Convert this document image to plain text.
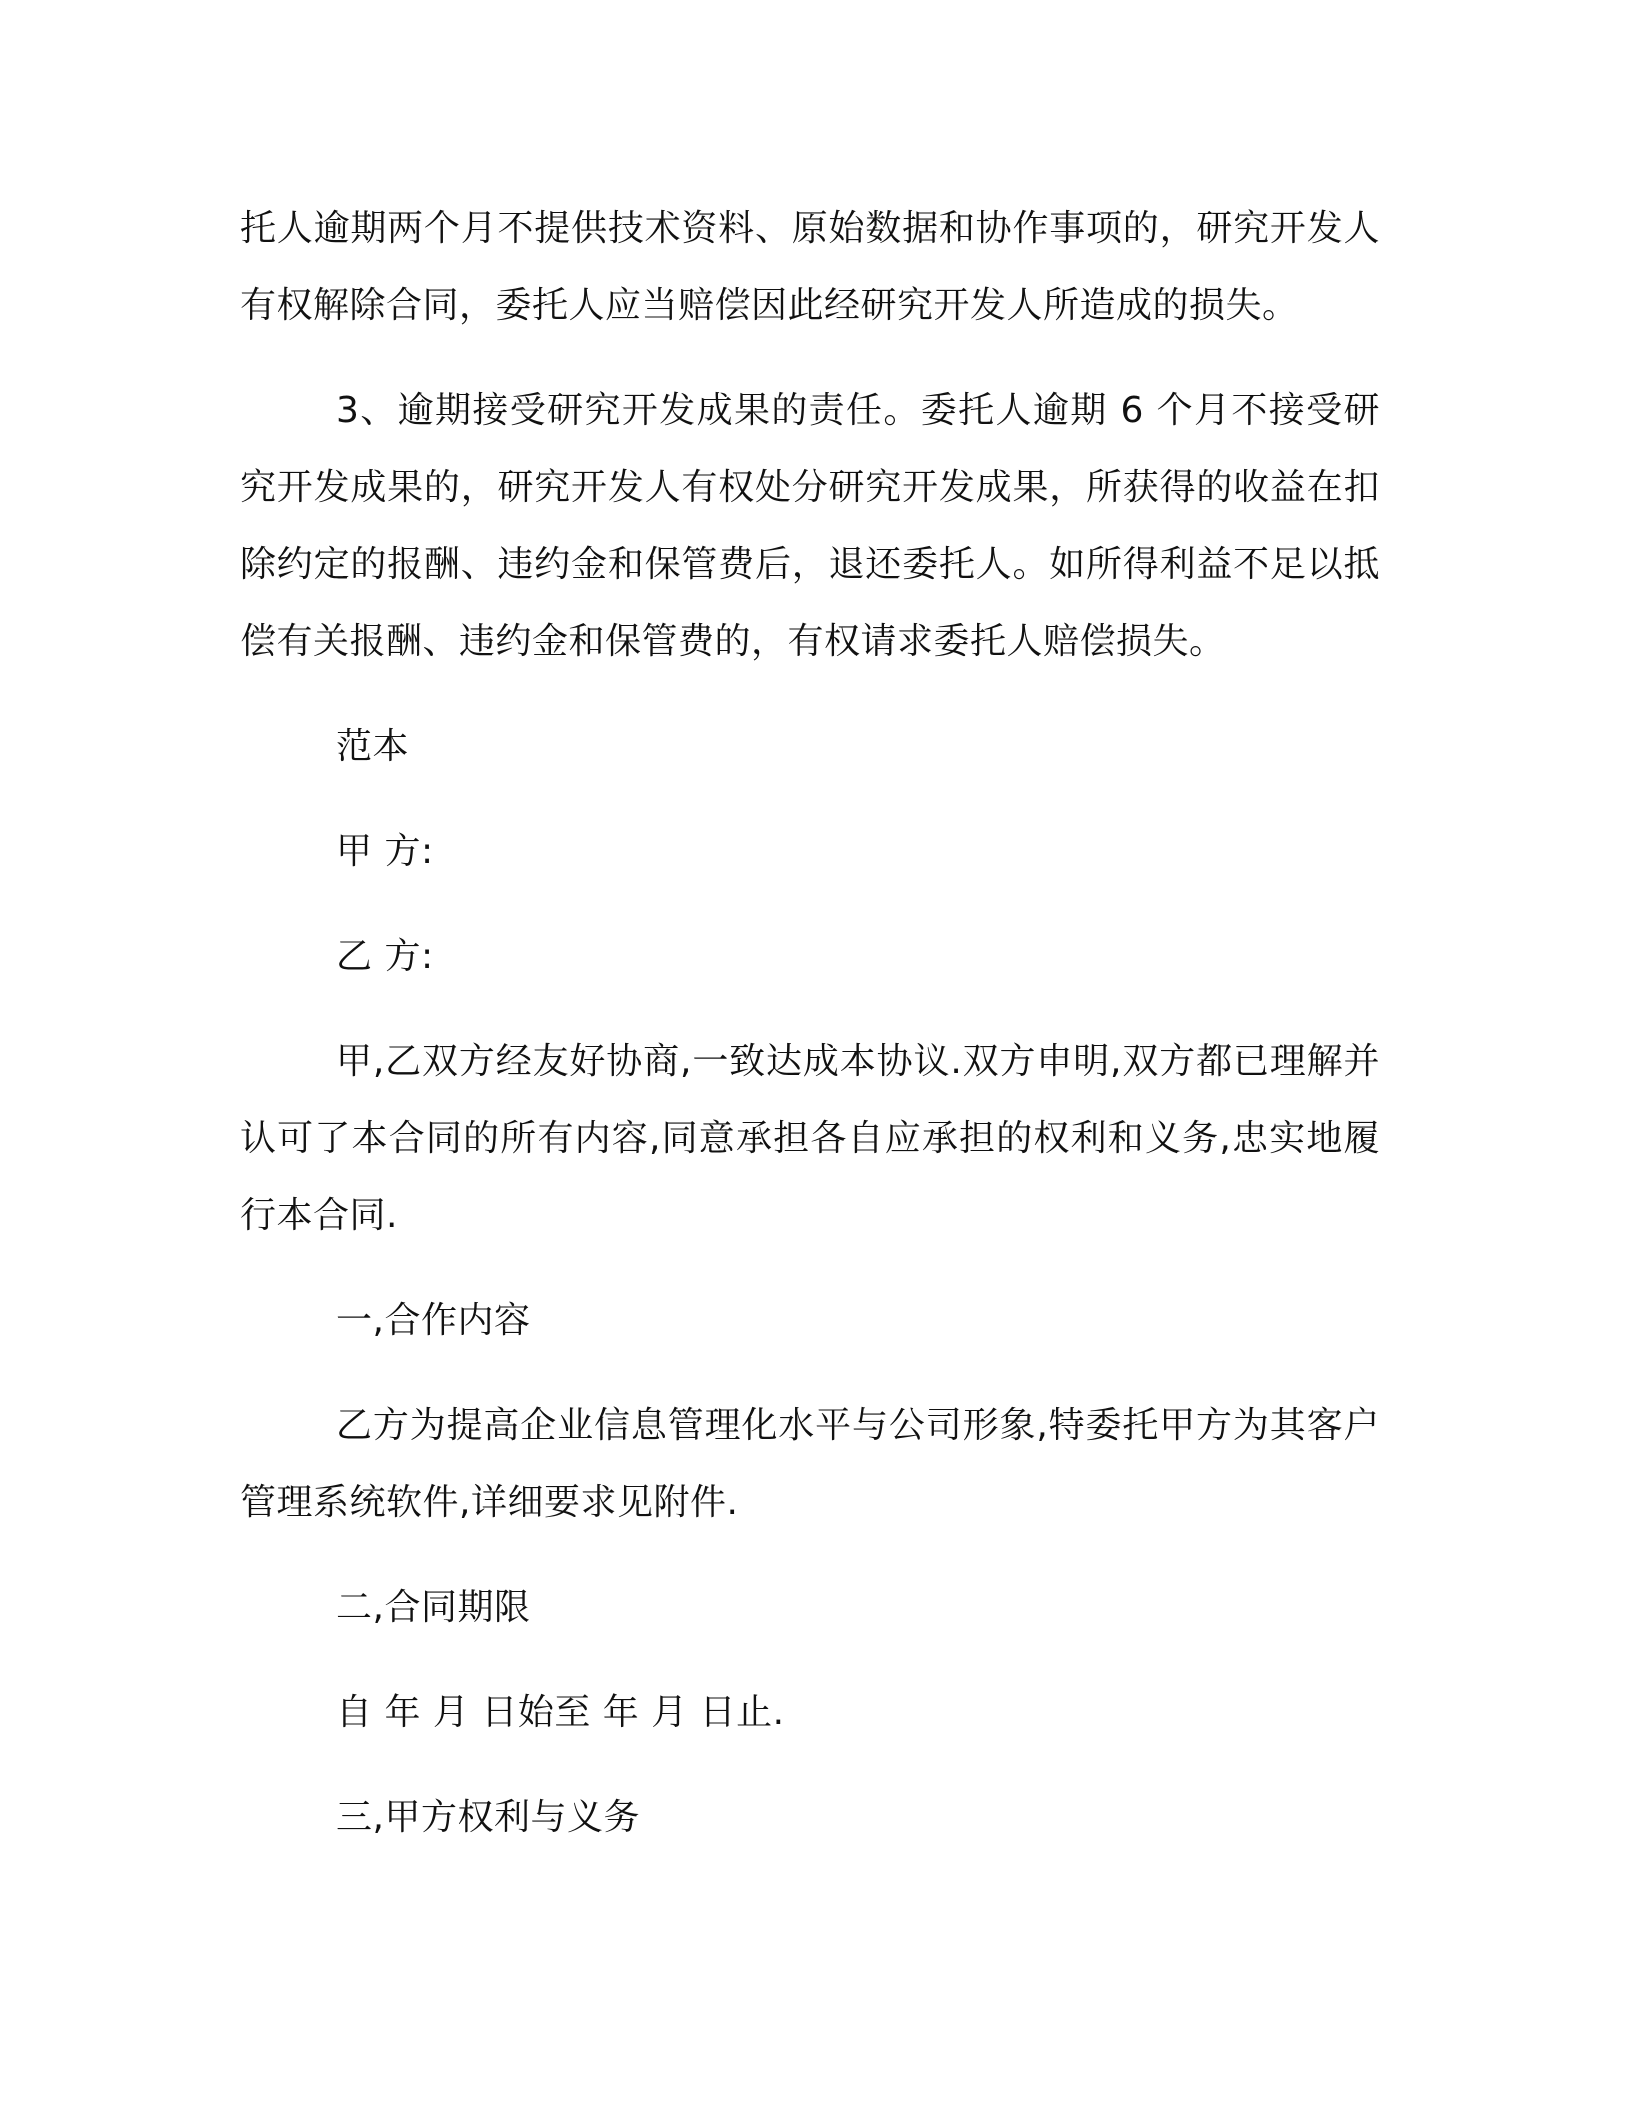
托人逾期两个月不提供技术资料、原始数据和协作事项的，研究开发人有权解除合同，委托人应当赔偿因此经研究开发人所造成的损失。

3、逾期接受研究开发成果的责任。委托人逾期 6 个月不接受研究开发成果的，研究开发人有权处分研究开发成果，所获得的收益在扣除约定的报酬、违约金和保管费后，退还委托人。如所得利益不足以抵偿有关报酬、违约金和保管费的，有权请求委托人赔偿损失。

范本

甲 方:

乙 方:

甲,乙双方经友好协商,一致达成本协议.双方申明,双方都已理解并认可了本合同的所有内容,同意承担各自应承担的权利和义务,忠实地履行本合同.

一,合作内容

乙方为提高企业信息管理化水平与公司形象,特委托甲方为其客户管理系统软件,详细要求见附件.

二,合同期限

自 年 月 日始至 年 月 日止.

三,甲方权利与义务
